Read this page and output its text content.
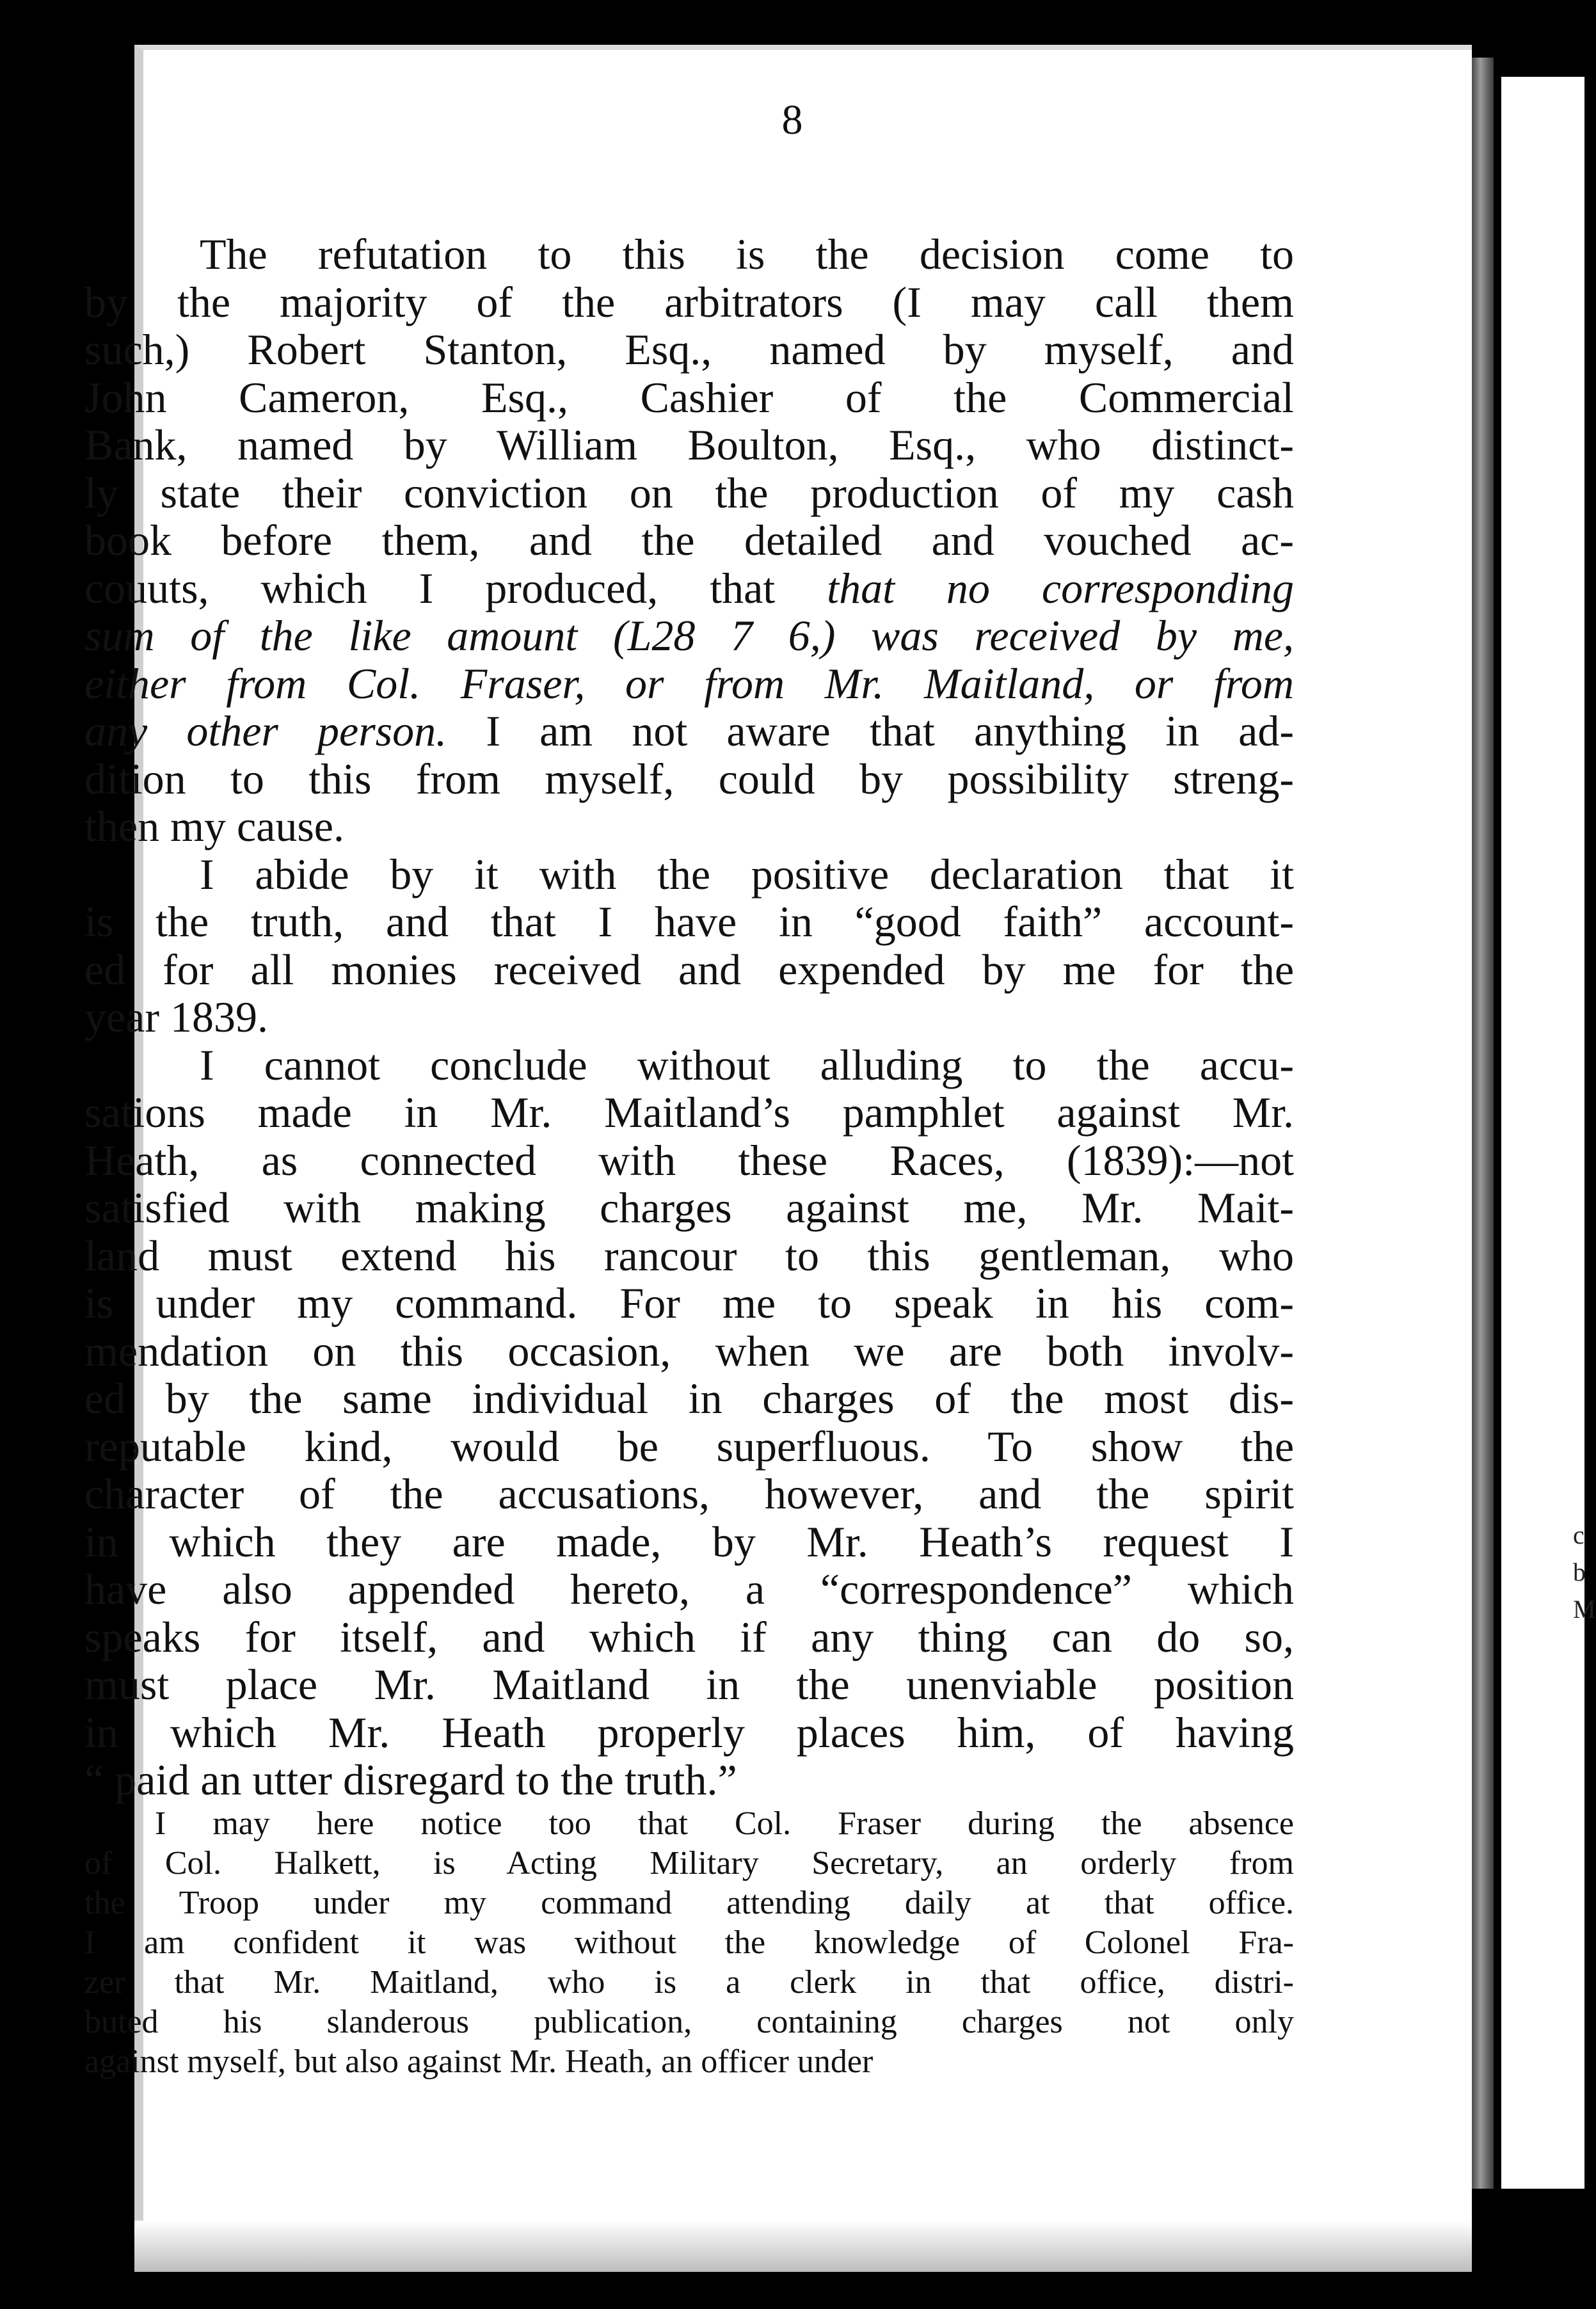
c
b
M
8
The refutation to this is the decision come to
by the majority of the arbitrators (I may call them
such,) Robert Stanton, Esq., named by myself, and
John Cameron, Esq., Cashier of the Commercial
Bank, named by William Boulton, Esq., who distinct-
ly state their conviction on the production of my cash
book before them, and the detailed and vouched ac-
couuts, which I produced, that that no corresponding
sum of the like amount (L28 7 6,) was received by me,
either from Col. Fraser, or from Mr. Maitland, or from
any other person. I am not aware that anything in ad-
dition to this from myself, could by possibility streng-
then my cause.
I abide by it with the positive declaration that it
is the truth, and that I have in “good faith” account-
ed for all monies received and expended by me for the
year 1839.
I cannot conclude without alluding to the accu-
sations made in Mr. Maitland’s pamphlet against Mr.
Heath, as connected with these Races, (1839):—not
satisfied with making charges against me, Mr. Mait-
land must extend his rancour to this gentleman, who
is under my command. For me to speak in his com-
mendation on this occasion, when we are both involv-
ed by the same individual in charges of the most dis-
reputable kind, would be superfluous. To show the
character of the accusations, however, and the spirit
in which they are made, by Mr. Heath’s request I
have also appended hereto, a “correspondence” which
speaks for itself, and which if any thing can do so,
must place Mr. Maitland in the unenviable position
in which Mr. Heath properly places him, of having
“ paid an utter disregard to the truth.”
I may here notice too that Col. Fraser during the absence
of Col. Halkett, is Acting Military Secretary, an orderly from
the Troop under my command attending daily at that office.
I am confident it was without the knowledge of Colonel Fra-
zer that Mr. Maitland, who is a clerk in that office, distri-
buted his slanderous publication, containing charges not only
against myself, but also against Mr. Heath, an officer under
